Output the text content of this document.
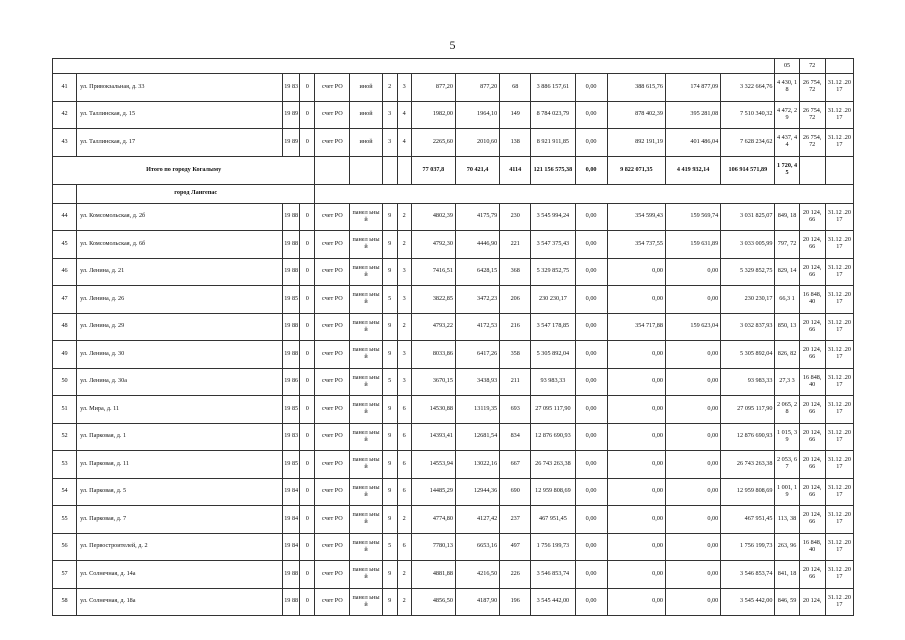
5
																05	72	
41	ул. Привокзальная, д. 33	19 83	0	счет РО	иной	2	3	877,20	877,20	68	3 886 157,61	0,00	388 615,76	174 877,09	3 322 664,76	4 430, 18	26 754, 72	31.12 .2017
42	ул. Таллинская, д. 15	19 89	0	счет РО	иной	3	4	1982,00	1964,10	149	8 784 023,79	0,00	878 402,39	395 281,08	7 510 340,32	4 472, 29	26 754, 72	31.12 .2017
43	ул. Таллинская, д. 17	19 89	0	счет РО	иной	3	4	2265,60	2010,60	138	8 921 911,85	0,00	892 191,19	401 486,04	7 628 234,62	4 437, 44	26 754, 72	31.12 .2017
Итого по городу Когалыму								77 037,8	70 421,4	4114	121 156 575,38	0,00	9 822 071,35	4 419 932,14	106 914 571,89	1 720, 45		
	город Лангепас																	
44	ул. Комсомольская, д. 2б	19 88	0	счет РО	панел ьный	9	2	4802,39	4175,79	230	3 545 994,24	0,00	354 599,43	159 569,74	3 031 825,07	849, 18	20 124, 66	31.12 .2017
45	ул. Комсомольская, д. 6б	19 88	0	счет РО	панел ьный	9	2	4792,30	4446,90	221	3 547 375,43	0,00	354 737,55	159 631,89	3 033 005,99	797, 72	20 124, 66	31.12 .2017
46	ул. Ленина, д. 21	19 88	0	счет РО	панел ьный	9	3	7416,51	6428,15	368	5 329 852,75	0,00	0,00	0,00	5 329 852,75	829, 14	20 124, 66	31.12 .2017
47	ул. Ленина, д. 26	19 85	0	счет РО	панел ьный	5	3	3822,85	3472,23	206	230 230,17	0,00	0,00	0,00	230 230,17	66,3 1	16 848, 40	31.12 .2017
48	ул. Ленина, д. 29	19 88	0	счет РО	панел ьный	9	2	4793,22	4172,53	216	3 547 178,85	0,00	354 717,88	159 623,04	3 032 837,93	850, 13	20 124, 66	31.12 .2017
49	ул. Ленина, д. 30	19 88	0	счет РО	панел ьный	9	3	8033,86	6417,26	358	5 305 892,04	0,00	0,00	0,00	5 305 892,04	826, 82	20 124, 66	31.12 .2017
50	ул. Ленина, д. 30а	19 86	0	счет РО	панел ьный	5	3	3670,15	3438,93	211	93 983,33	0,00	0,00	0,00	93 983,33	27,3 3	16 848, 40	31.12 .2017
51	ул. Мира, д. 11	19 85	0	счет РО	панел ьный	9	6	14530,88	13119,35	693	27 095 117,90	0,00	0,00	0,00	27 095 117,90	2 065, 28	20 124, 66	31.12 .2017
52	ул. Парковая, д. 1	19 83	0	счет РО	панел ьный	9	6	14393,41	12681,54	834	12 876 690,93	0,00	0,00	0,00	12 876 690,93	1 015, 39	20 124, 66	31.12 .2017
53	ул. Парковая, д. 11	19 85	0	счет РО	панел ьный	9	6	14553,94	13022,16	667	26 743 263,38	0,00	0,00	0,00	26 743 263,38	2 053, 67	20 124, 66	31.12 .2017
54	ул. Парковая, д. 5	19 84	0	счет РО	панел ьный	9	6	14485,29	12944,36	690	12 959 808,69	0,00	0,00	0,00	12 959 808,69	1 001, 19	20 124, 66	31.12 .2017
55	ул. Парковая, д. 7	19 84	0	счет РО	панел ьный	9	2	4774,80	4127,42	237	467 951,45	0,00	0,00	0,00	467 951,45	113, 38	20 124, 66	31.12 .2017
56	ул. Первостроителей, д. 2	19 84	0	счет РО	панел ьный	5	6	7780,13	6653,16	497	1 756 199,73	0,00	0,00	0,00	1 756 199,73	263, 96	16 848, 40	31.12 .2017
57	ул. Солнечная, д. 14а	19 88	0	счет РО	панел ьный	9	2	4881,88	4216,50	226	3 546 853,74	0,00	0,00	0,00	3 546 853,74	841, 18	20 124, 66	31.12 .2017
58	ул. Солнечная, д. 18а	19 88	0	счет РО	панел ьный	9	2	4856,50	4187,90	196	3 545 442,00	0,00	0,00	0,00	3 545 442,00	846, 59	20 124,	31.12 .2017
